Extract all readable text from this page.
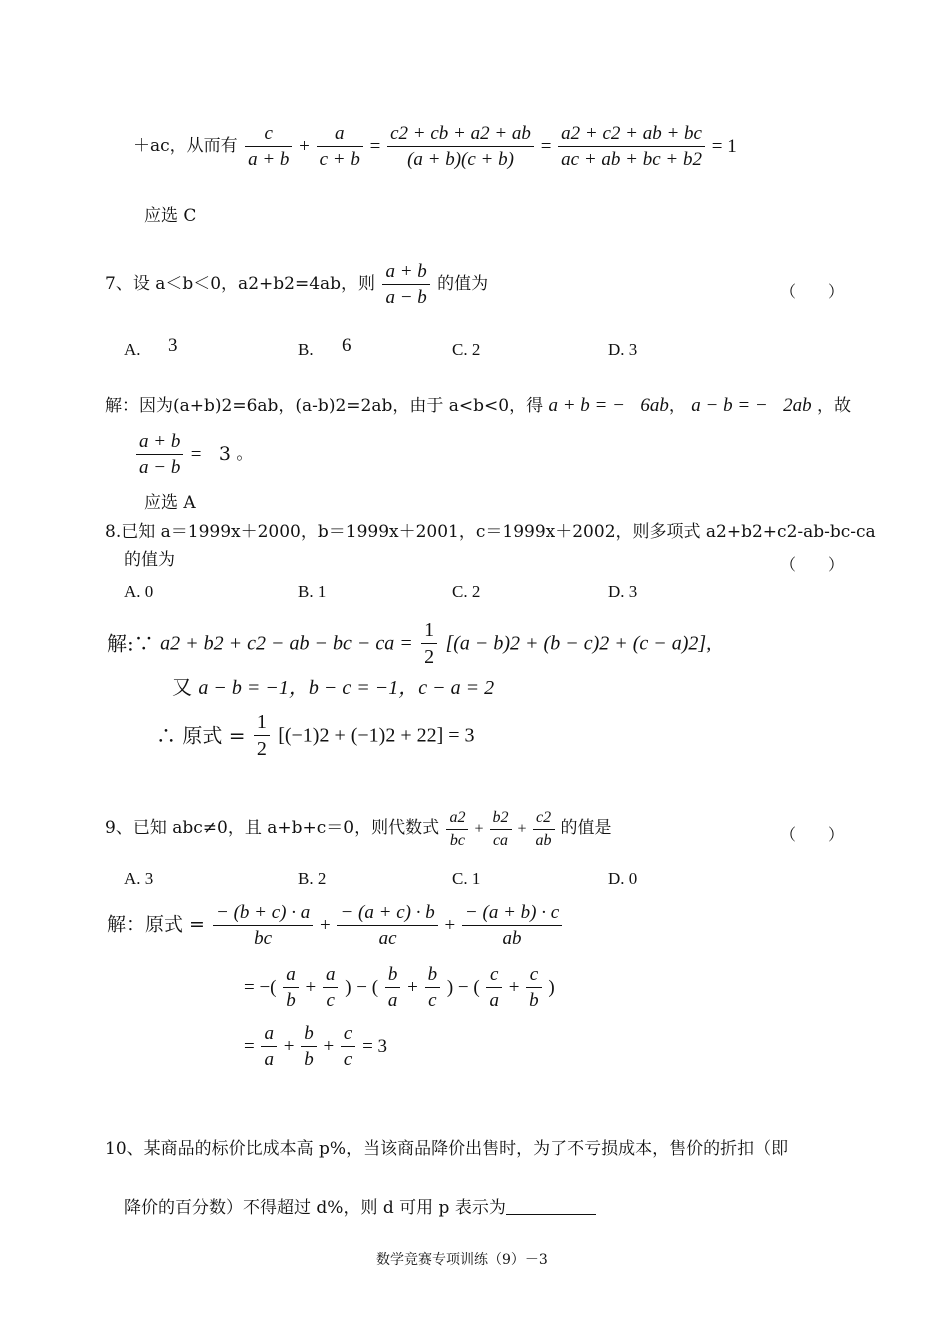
＋ac，从而有 $\frac{c}{a + b} + \frac{a}{c + b} = \frac{c2 + cb + a2 + ab}{(a + b)(c + b)} = \frac{a2 + c2 + ab + bc}{ac + ab + bc + b2} = 1$
应选 C
7、设 a＜b＜0，a2+b2=4ab，则 $\frac{a + b}{a - b}$ 的值为	（　　）
A. 3	B. 6	C. 2	D. 3
解：因为(a+b)2=6ab，(a-b)2=2ab，由于 a<b<0，得 a + b = − 6ab， a − b = − 2ab ，故
$\frac{a + b}{a - b} = 3$ 。
应选 A
8.已知 a＝1999x＋2000，b＝1999x＋2001，c＝1999x＋2002，则多项式 a2+b2+c2-ab-bc-ca
的值为	（　　）
A. 0	B. 1	C. 2	D. 3
解:∵ a2 + b2 + c2 − ab − bc − ca = $\frac{1}{2} [(a - b)2 + (b - c)2 + (c - a)2]$,
又 a − b = −1，b − c = −1，c − a = 2
∴ 原式 = $\frac{1}{2} [(-1)2 + (-1)2 + 22] = 3$
9、已知 abc≠0，且 a+b+c＝0，则代数式 $\frac{a2}{bc} + \frac{b2}{ca} + \frac{c2}{ab}$ 的值是	（　　）
A. 3	B. 2	C. 1	D. 0
解：原式 = $\frac{- (b + c) \cdot a}{bc} + \frac{- (a + c) \cdot b}{ac} + \frac{- (a + b) \cdot c}{ab}$
= −( $\frac{a}{b} + \frac{a}{c}$ ) − ( $\frac{b}{a} + \frac{b}{c}$ ) − ( $\frac{c}{a} + \frac{c}{b}$ )
= $\frac{a}{a} + \frac{b}{b} + \frac{c}{c} = 3$
10、某商品的标价比成本高 p%，当该商品降价出售时，为了不亏损成本，售价的折扣（即
降价的百分数）不得超过 d%，则 d 可用 p 表示为
数学竞赛专项训练（9）－3
